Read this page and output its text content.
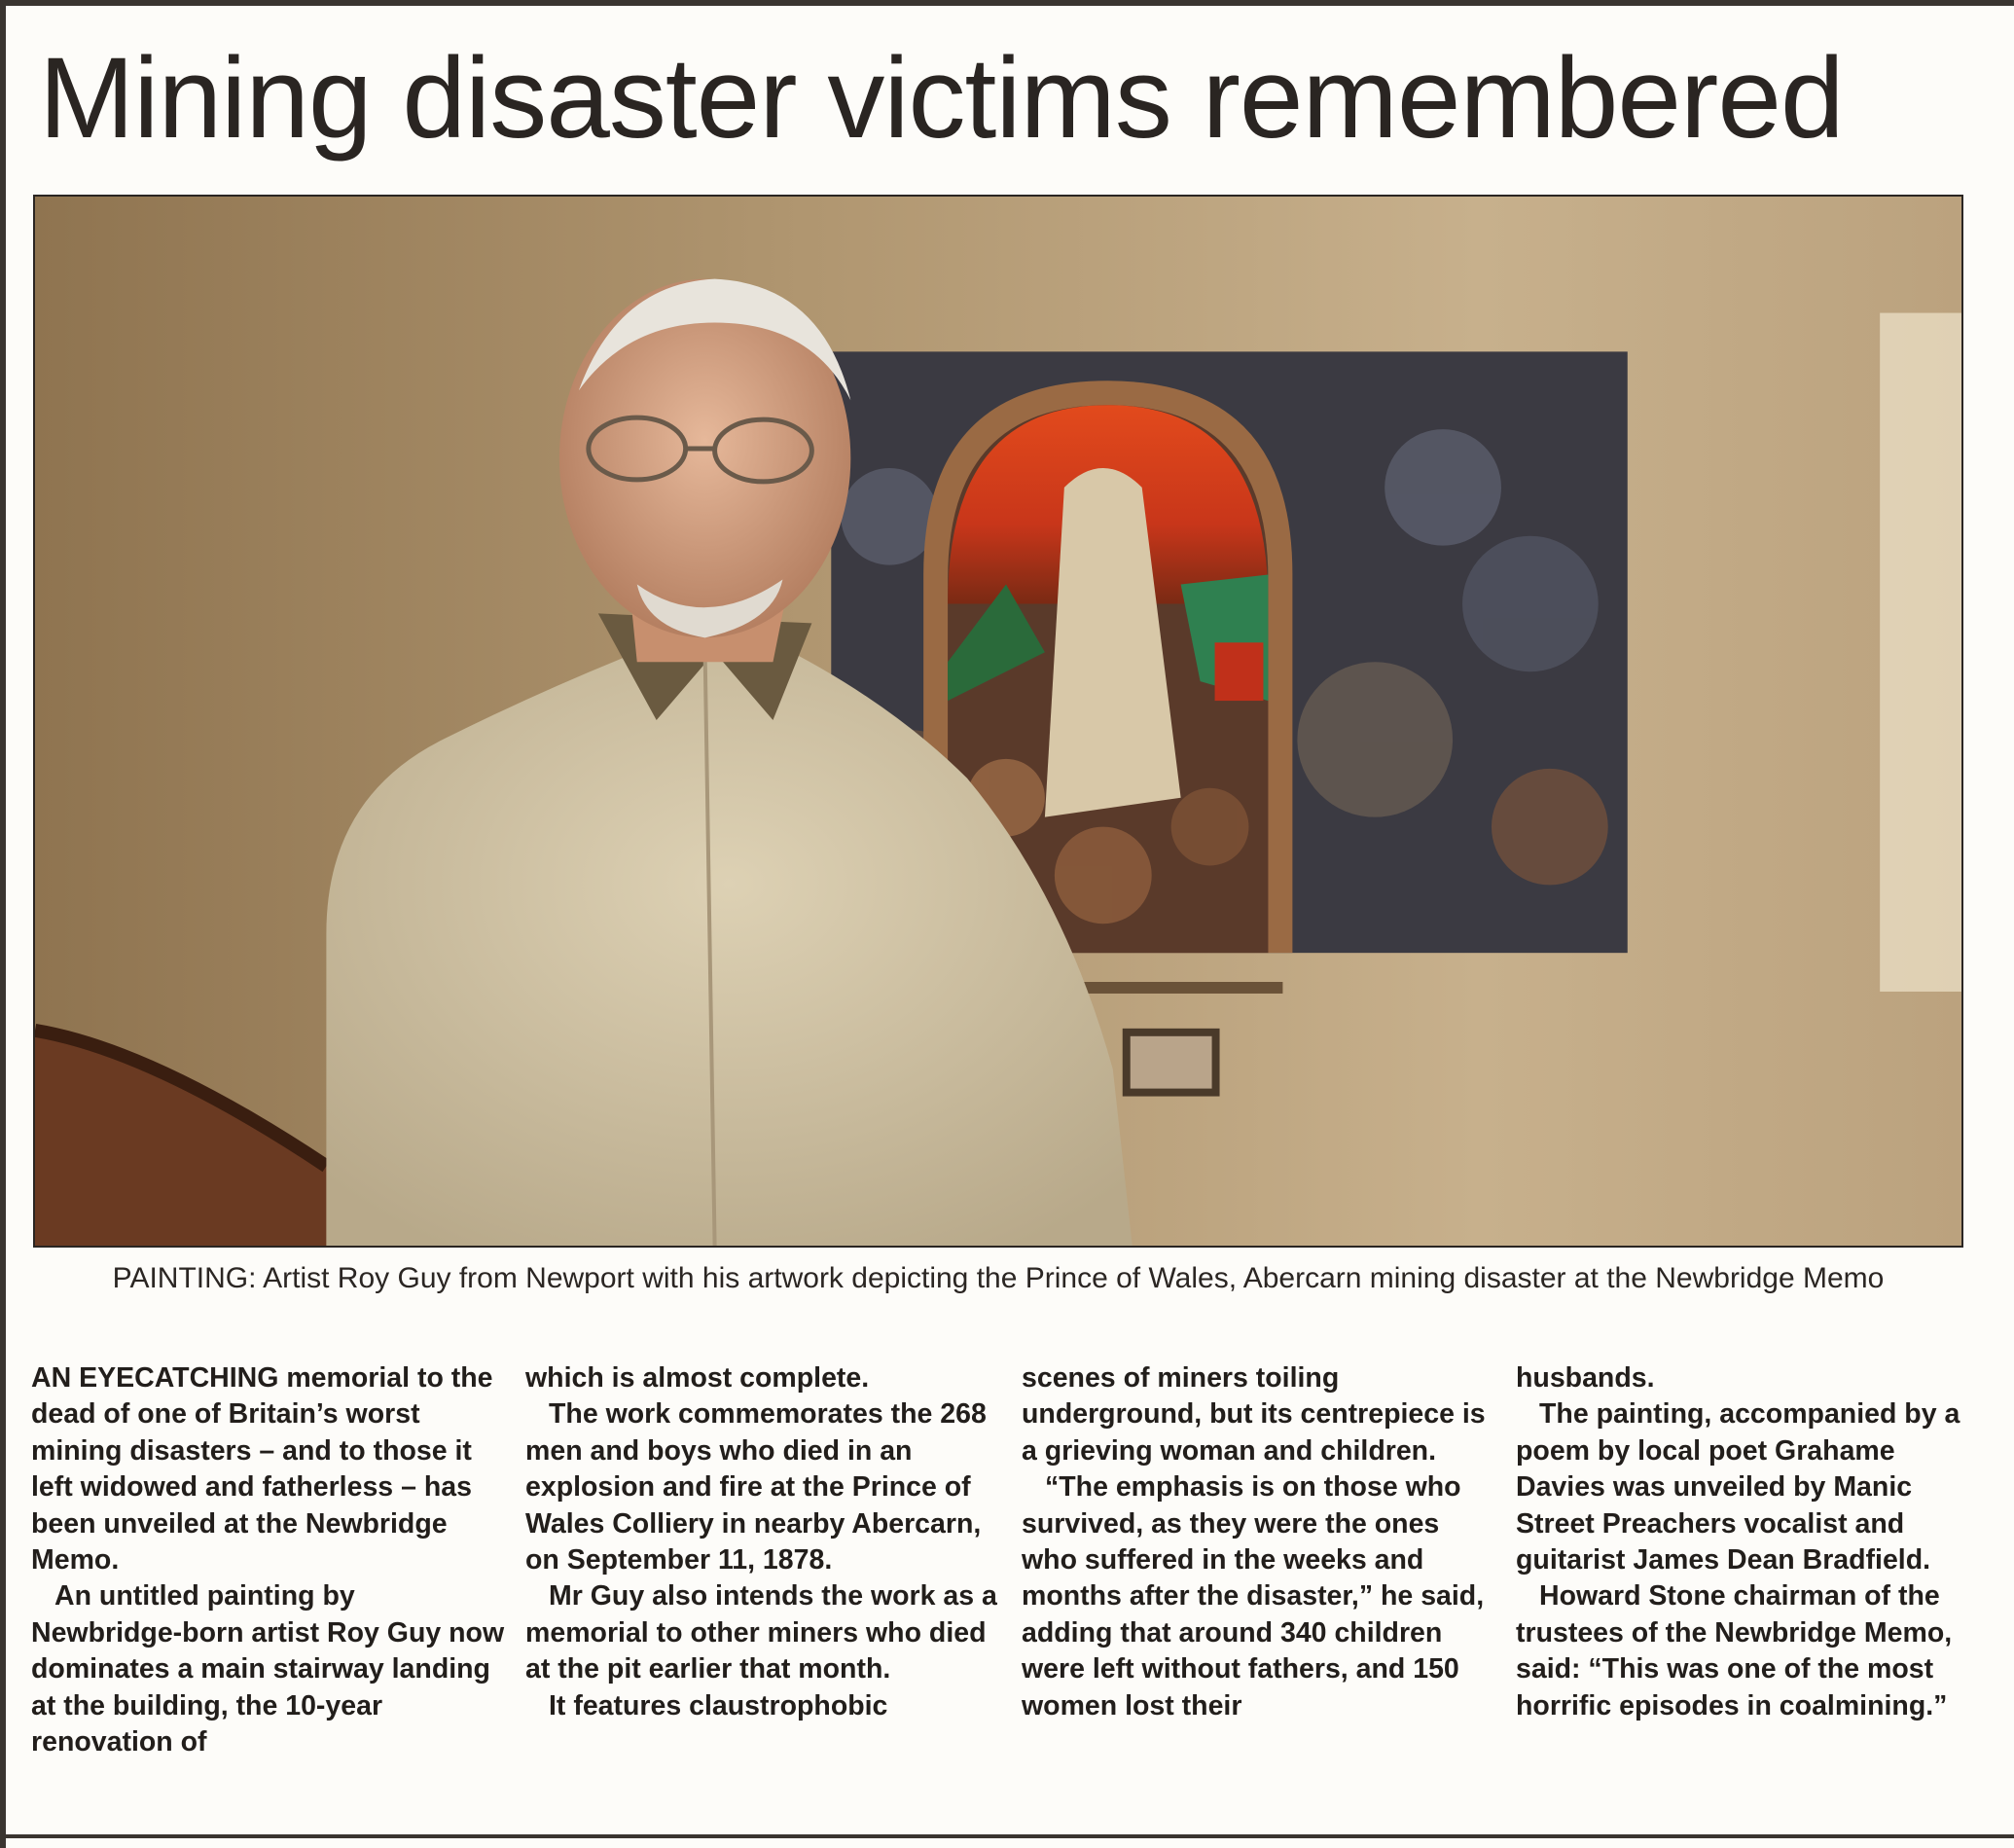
Mining disaster victims remembered

PAINTING: Artist Roy Guy from Newport with his artwork depicting the Prince of Wales, Abercarn mining disaster at the Newbridge Memo

AN EYECATCHING memorial to the dead of one of Britain’s worst mining disasters – and to those it left widowed and fatherless – has been unveiled at the Newbridge Memo.

An untitled painting by Newbridge-born artist Roy Guy now dominates a main stairway landing at the building, the 10-year renovation of

which is almost complete.

The work commemorates the 268 men and boys who died in an explosion and fire at the Prince of Wales Colliery in nearby Abercarn, on September 11, 1878.

Mr Guy also intends the work as a memorial to other miners who died at the pit earlier that month.

It features claustrophobic

scenes of miners toiling underground, but its centrepiece is a grieving woman and children.

“The emphasis is on those who survived, as they were the ones who suffered in the weeks and months after the disaster,” he said, adding that around 340 children were left without fathers, and 150 women lost their

husbands.

The painting, accompanied by a poem by local poet Grahame Davies was unveiled by Manic Street Preachers vocalist and guitarist James Dean Bradfield.

Howard Stone chairman of the trustees of the Newbridge Memo, said: “This was one of the most horrific episodes in coalmining.”
